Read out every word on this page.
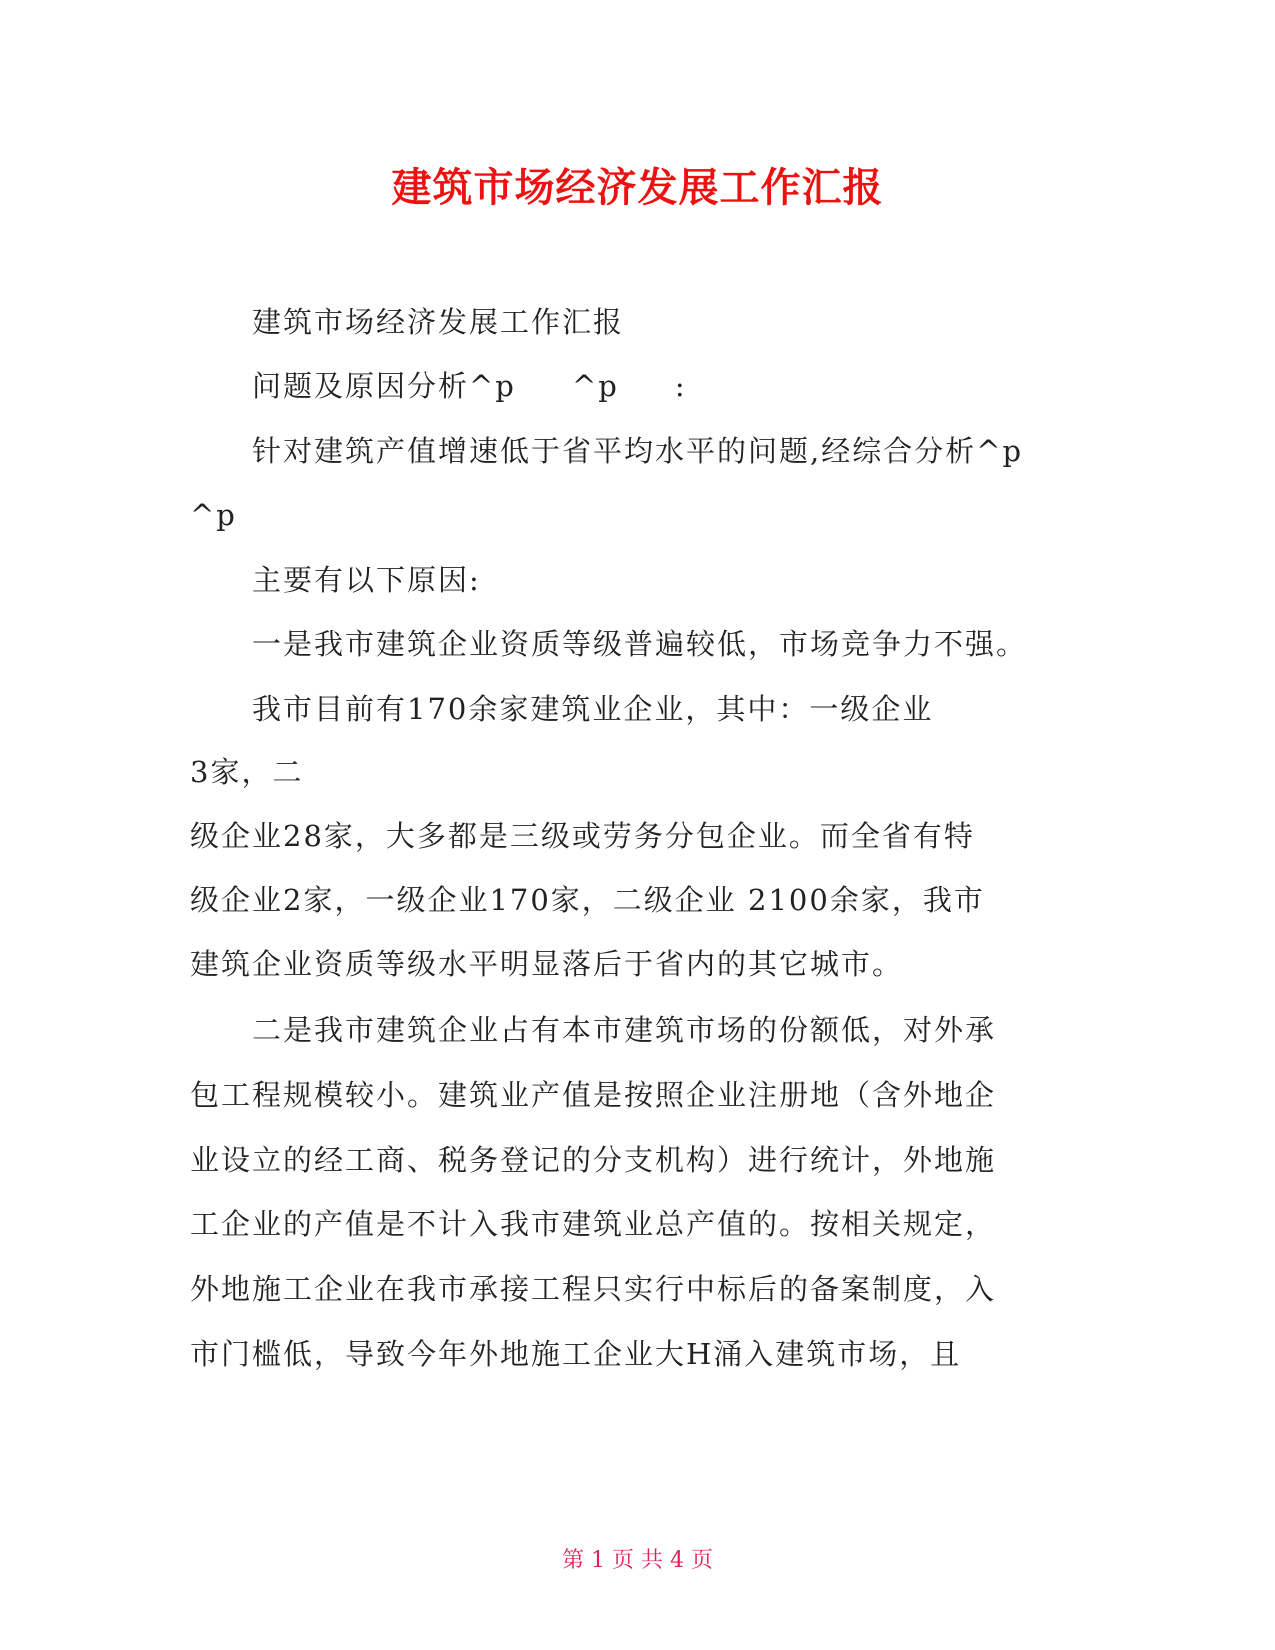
建筑市场经济发展工作汇报
建筑市场经济发展工作汇报
问题及原因分析^p     ^p     :
针对建筑产值增速低于省平均水平的问题,经综合分析^p
^p
主要有以下原因:
一是我市建筑企业资质等级普遍较低，市场竞争力不强。
我市目前有170余家建筑业企业，其中：一级企业
3家，二
级企业28家，大多都是三级或劳务分包企业。而全省有特
级企业2家，一级企业170家，二级企业 2100余家，我市
建筑企业资质等级水平明显落后于省内的其它城市。
二是我市建筑企业占有本市建筑市场的份额低，对外承
包工程规模较小。建筑业产值是按照企业注册地（含外地企
业设立的经工商、税务登记的分支机构）进行统计，外地施
工企业的产值是不计入我市建筑业总产值的。按相关规定，
外地施工企业在我市承接工程只实行中标后的备案制度，入
市门槛低，导致今年外地施工企业大H涌入建筑市场，且
第 1 页 共 4 页
